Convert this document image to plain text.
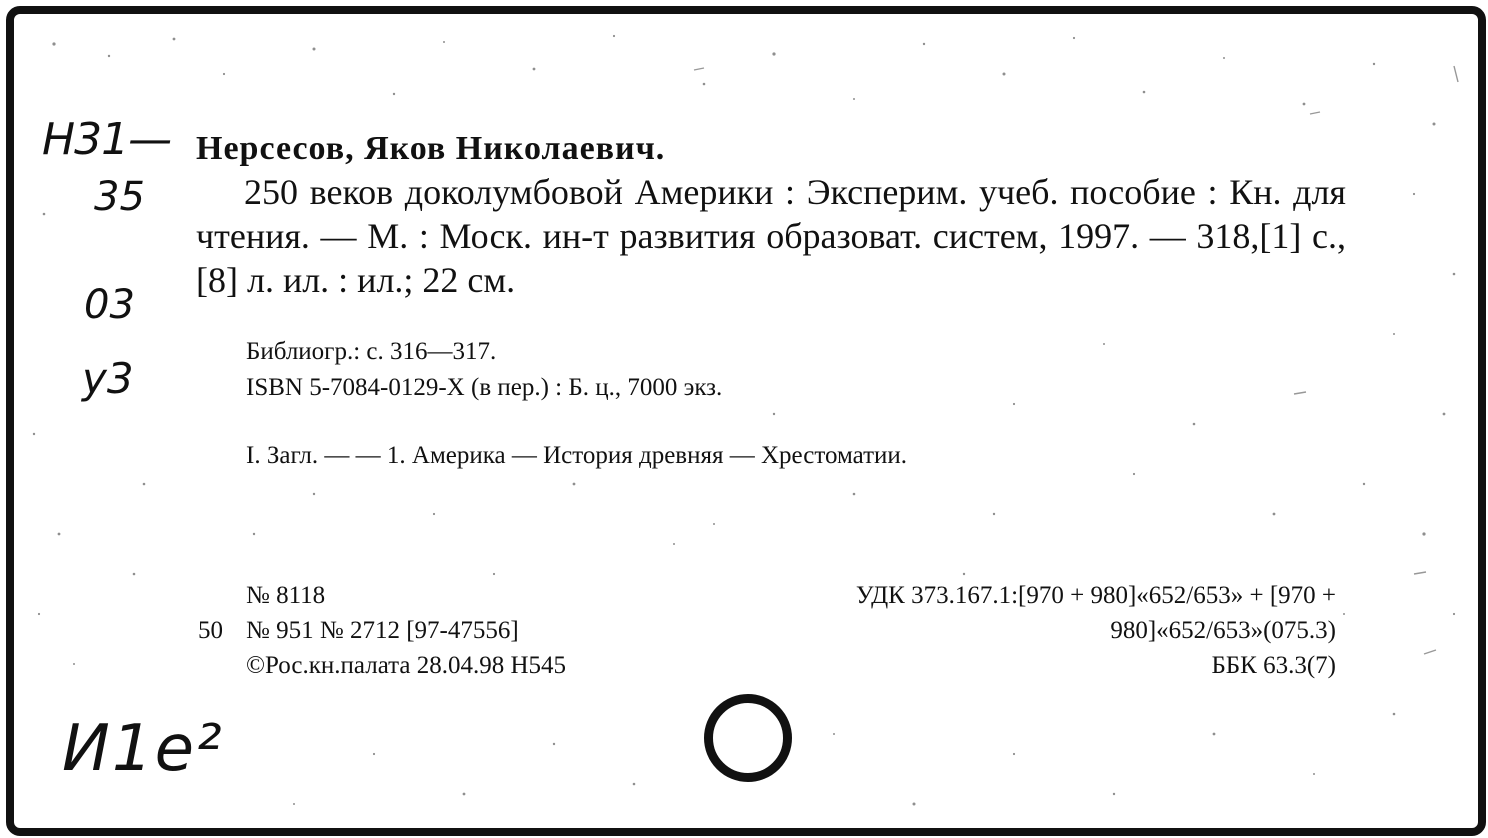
Н31—
35
03
у3
И1е²
Нерсесов, Яков Николаевич.
250 веков доколумбовой Америки : Эксперим. учеб. пособие : Кн. для чтения. — М. : Моск. ин-т развития образоват. систем, 1997. — 318,[1] с., [8] л. ил. : ил.; 22 см.
Библиогр.: с. 316—317.
ISBN 5-7084-0129-Х (в пер.) : Б. ц., 7000 экз.
I. Загл. — — 1. Америка — История древняя — Хрестоматии.
№ 8118
50 № 951 № 2712 [97-47556]
©Рос.кн.палата 28.04.98 Н545
УДК 373.167.1:[970 + 980]«652/653» + [970 +
980]«652/653»(075.3)
ББК 63.3(7)
